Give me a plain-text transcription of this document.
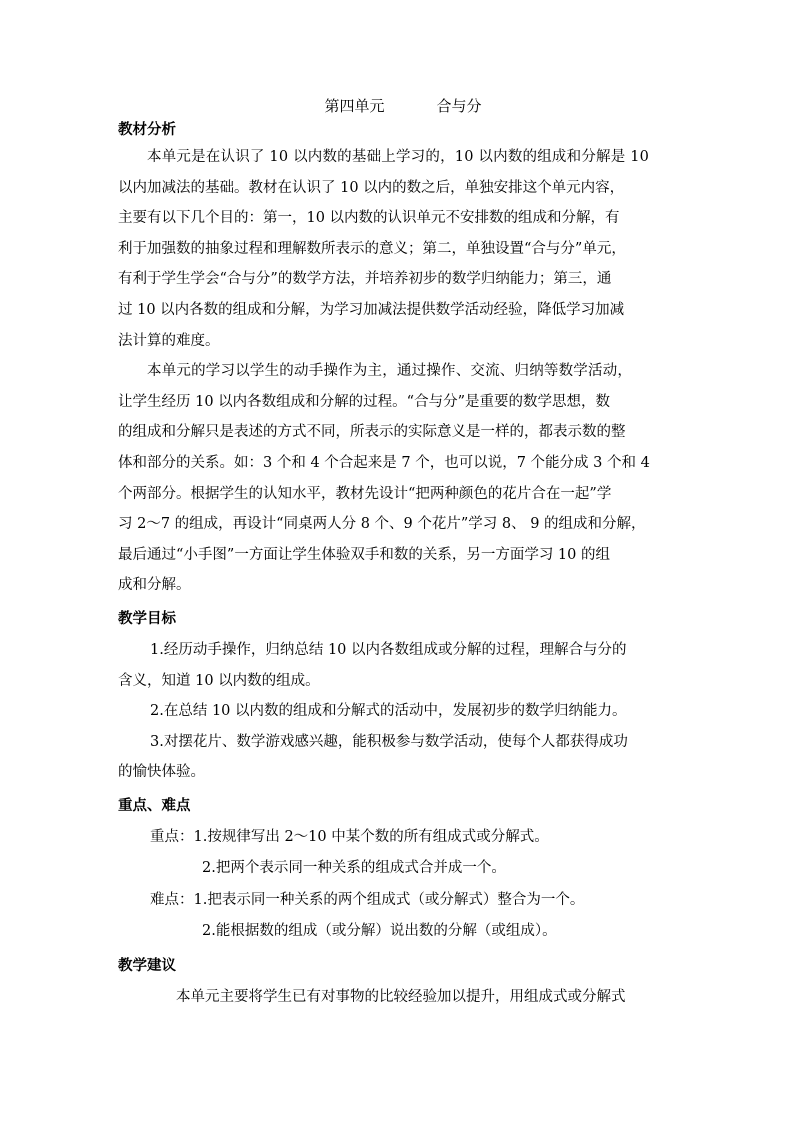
第四单元	合与分

教材分析

本单元是在认识了 10 以内数的基础上学习的，10 以内数的组成和分解是 10

以内加减法的基础。教材在认识了 10 以内的数之后，单独安排这个单元内容，

主要有以下几个目的：第一，10 以内数的认识单元不安排数的组成和分解，有

利于加强数的抽象过程和理解数所表示的意义；第二，单独设置“合与分”单元，

有利于学生学会“合与分”的数学方法，并培养初步的数学归纳能力；第三，通

过 10 以内各数的组成和分解，为学习加减法提供数学活动经验，降低学习加减

法计算的难度。

本单元的学习以学生的动手操作为主，通过操作、交流、归纳等数学活动，

让学生经历 10 以内各数组成和分解的过程。“合与分”是重要的数学思想，数

的组成和分解只是表述的方式不同，所表示的实际意义是一样的，都表示数的整

体和部分的关系。如：3 个和 4 个合起来是 7 个，也可以说，7 个能分成 3 个和 4

个两部分。根据学生的认知水平，教材先设计“把两种颜色的花片合在一起”学

习 2～7 的组成，再设计“同桌两人分 8 个、9 个花片”学习 8、 9 的组成和分解，

最后通过“小手图”一方面让学生体验双手和数的关系，另一方面学习 10 的组

成和分解。

教学目标

1.经历动手操作，归纳总结 10 以内各数组成或分解的过程，理解合与分的

含义，知道 10 以内数的组成。

2.在总结 10 以内数的组成和分解式的活动中，发展初步的数学归纳能力。

3.对摆花片、数学游戏感兴趣，能积极参与数学活动，使每个人都获得成功

的愉快体验。

重点、难点

重点：1.按规律写出 2～10 中某个数的所有组成式或分解式。

2.把两个表示同一种关系的组成式合并成一个。

难点：1.把表示同一种关系的两个组成式（或分解式）整合为一个。

2.能根据数的组成（或分解）说出数的分解（或组成）。

教学建议

本单元主要将学生已有对事物的比较经验加以提升，用组成式或分解式
